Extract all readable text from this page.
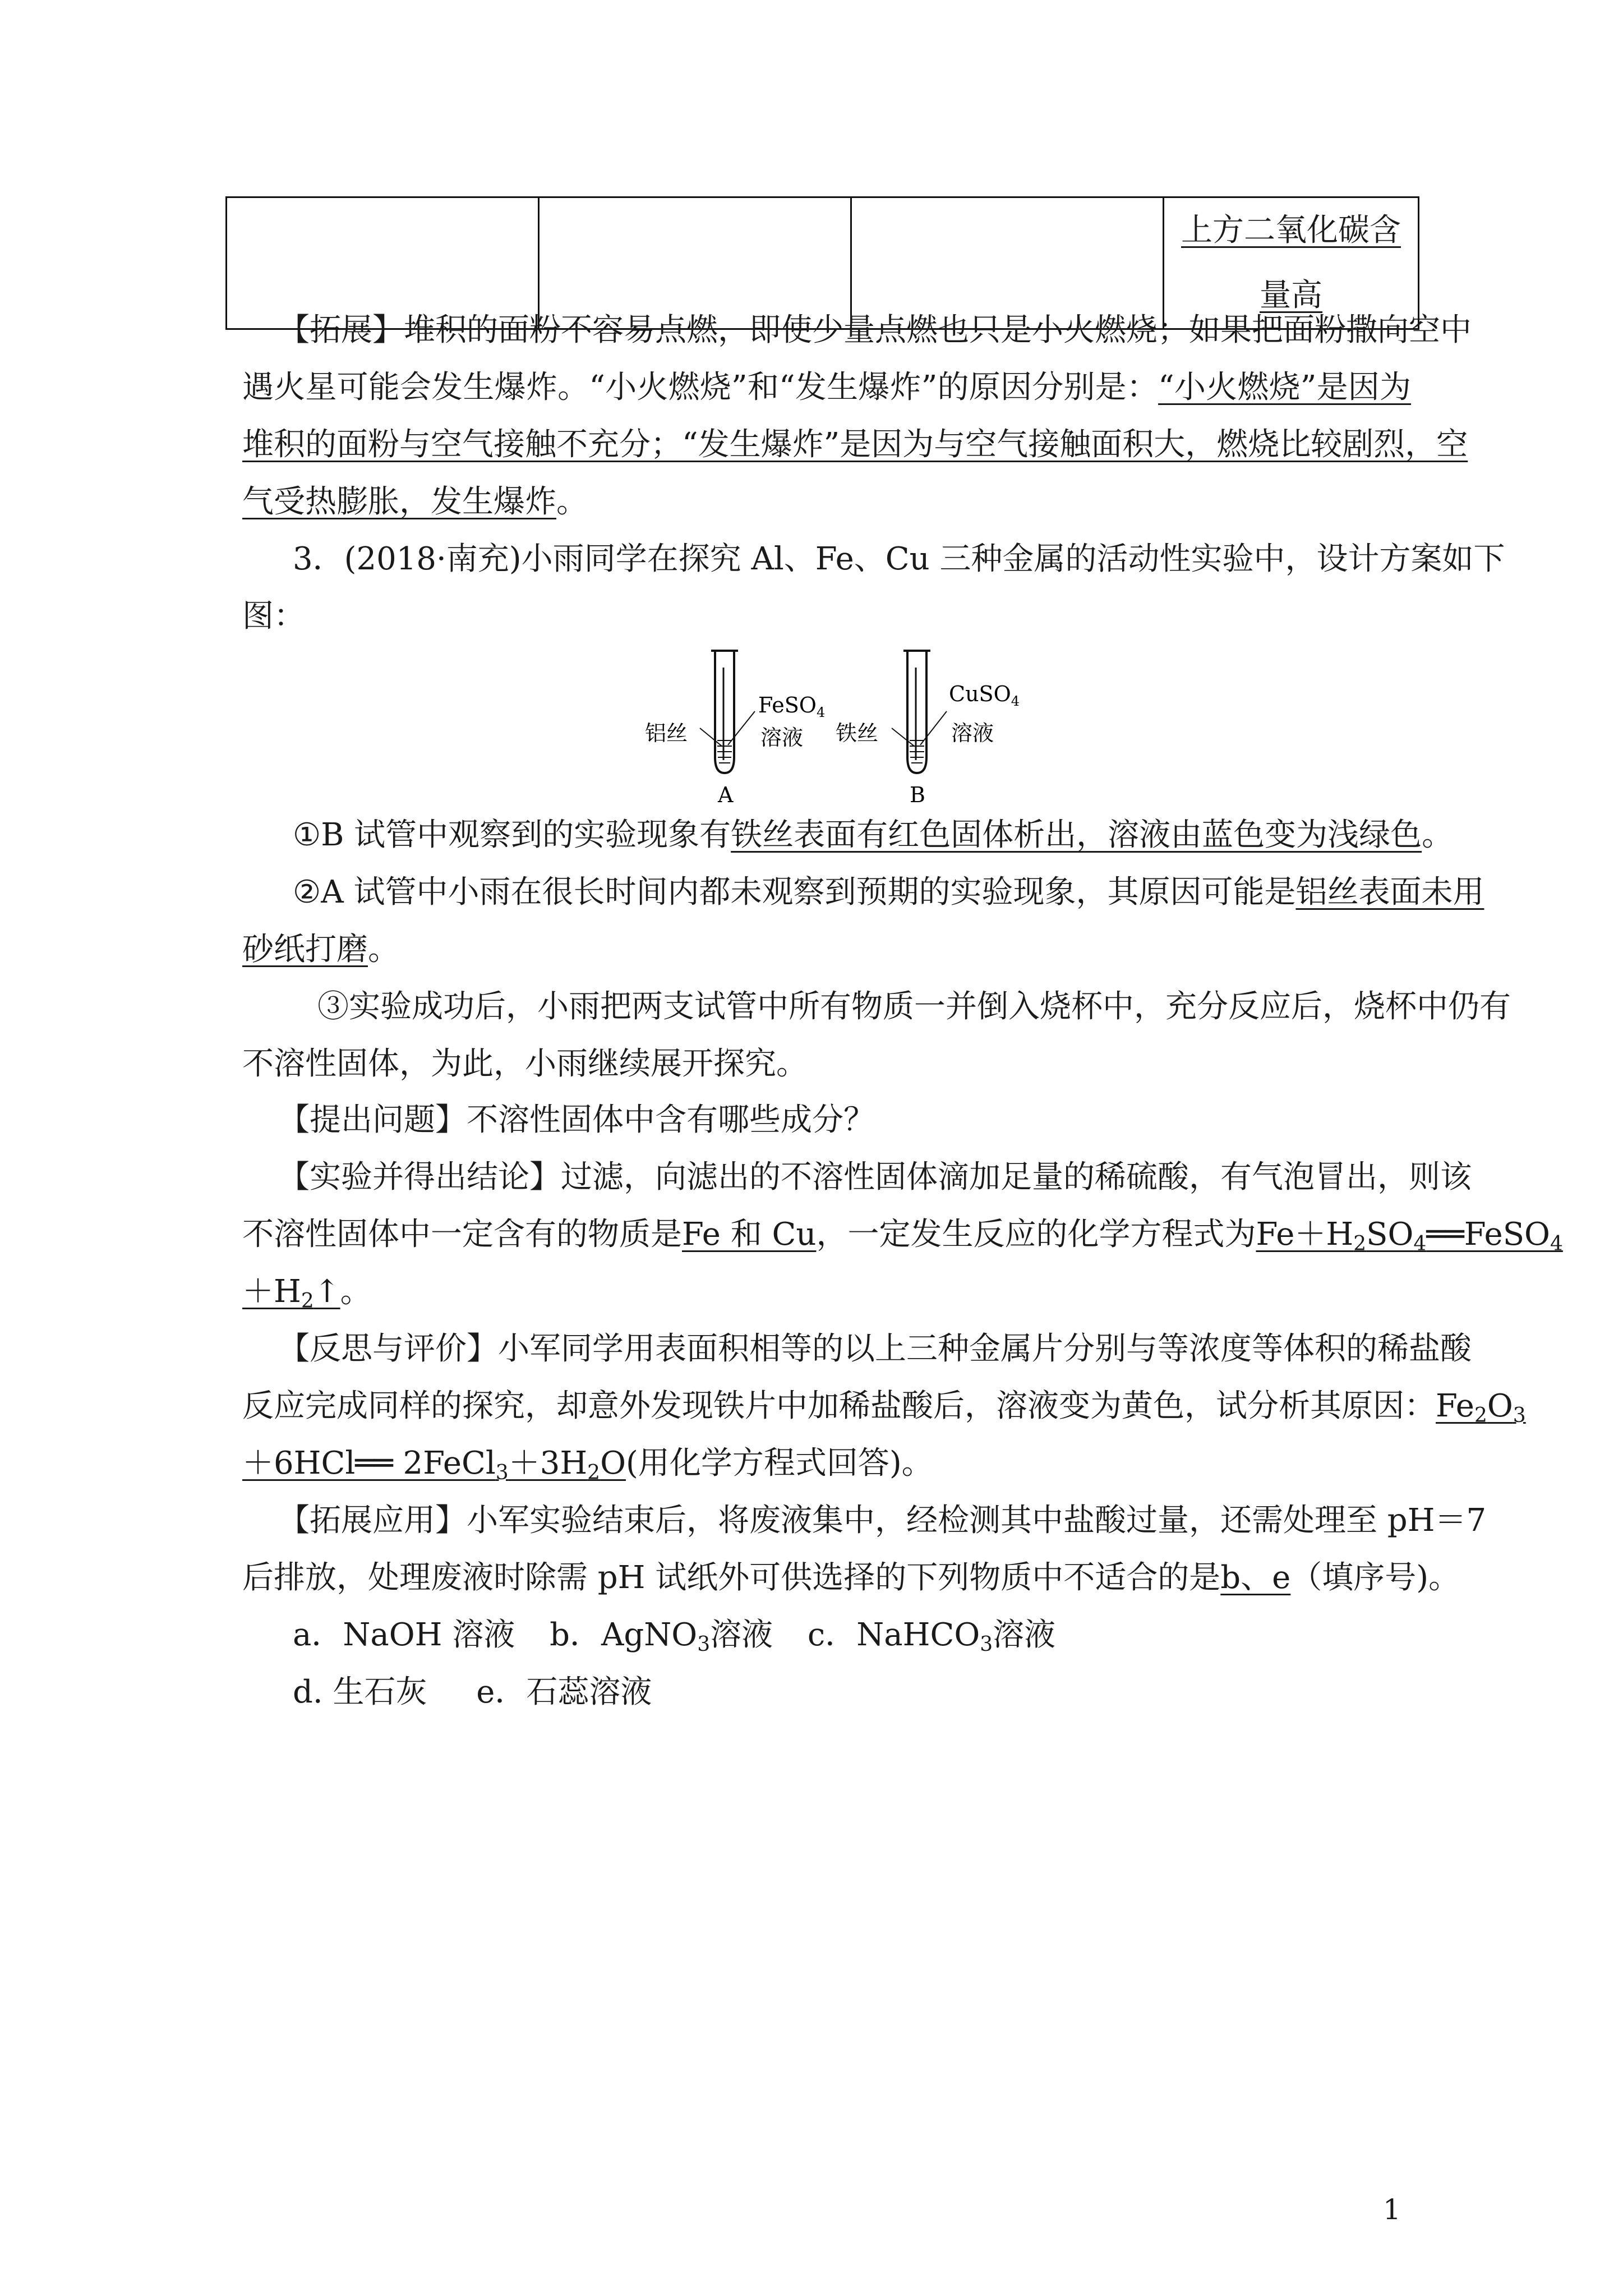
上方二氧化碳含
量高
【拓展】堆积的面粉不容易点燃，即使少量点燃也只是小火燃烧；如果把面粉撒向空中
遇火星可能会发生爆炸。“小火燃烧”和“发生爆炸”的原因分别是：“小火燃烧”是因为
堆积的面粉与空气接触不充分；“发生爆炸”是因为与空气接触面积大，燃烧比较剧烈，空
气受热膨胀，发生爆炸。
3．(2018·南充)小雨同学在探究 Al、Fe、Cu 三种金属的活动性实验中，设计方案如下
图：
铝丝
FeSO$_4$
溶液
A
铁丝
CuSO$_4$
溶液
B
①B 试管中观察到的实验现象有铁丝表面有红色固体析出，溶液由蓝色变为浅绿色。
②A 试管中小雨在很长时间内都未观察到预期的实验现象，其原因可能是铝丝表面未用
砂纸打磨。
③实验成功后，小雨把两支试管中所有物质一并倒入烧杯中，充分反应后，烧杯中仍有
不溶性固体，为此，小雨继续展开探究。
【提出问题】不溶性固体中含有哪些成分？
【实验并得出结论】过滤，向滤出的不溶性固体滴加足量的稀硫酸，有气泡冒出，则该
不溶性固体中一定含有的物质是Fe 和 Cu，一定发生反应的化学方程式为$Fe+H_2SO_4══FeSO_4$
$+H_2↑$。
【反思与评价】小军同学用表面积相等的以上三种金属片分别与等浓度等体积的稀盐酸
反应完成同样的探究，却意外发现铁片中加稀盐酸后，溶液变为黄色，试分析其原因：$Fe_2O_3$
＋6HCl══ $2FeCl_3+3H_2O$(用化学方程式回答)。
【拓展应用】小军实验结束后，将废液集中，经检测其中盐酸过量，还需处理至 pH＝7
后排放，处理废液时除需 pH 试纸外可供选择的下列物质中不适合的是b、e（填序号)。
a．NaOH 溶液 b．AgNO$_3$溶液 c．NaHCO$_3$溶液
d. 生石灰 e．石蕊溶液
1
